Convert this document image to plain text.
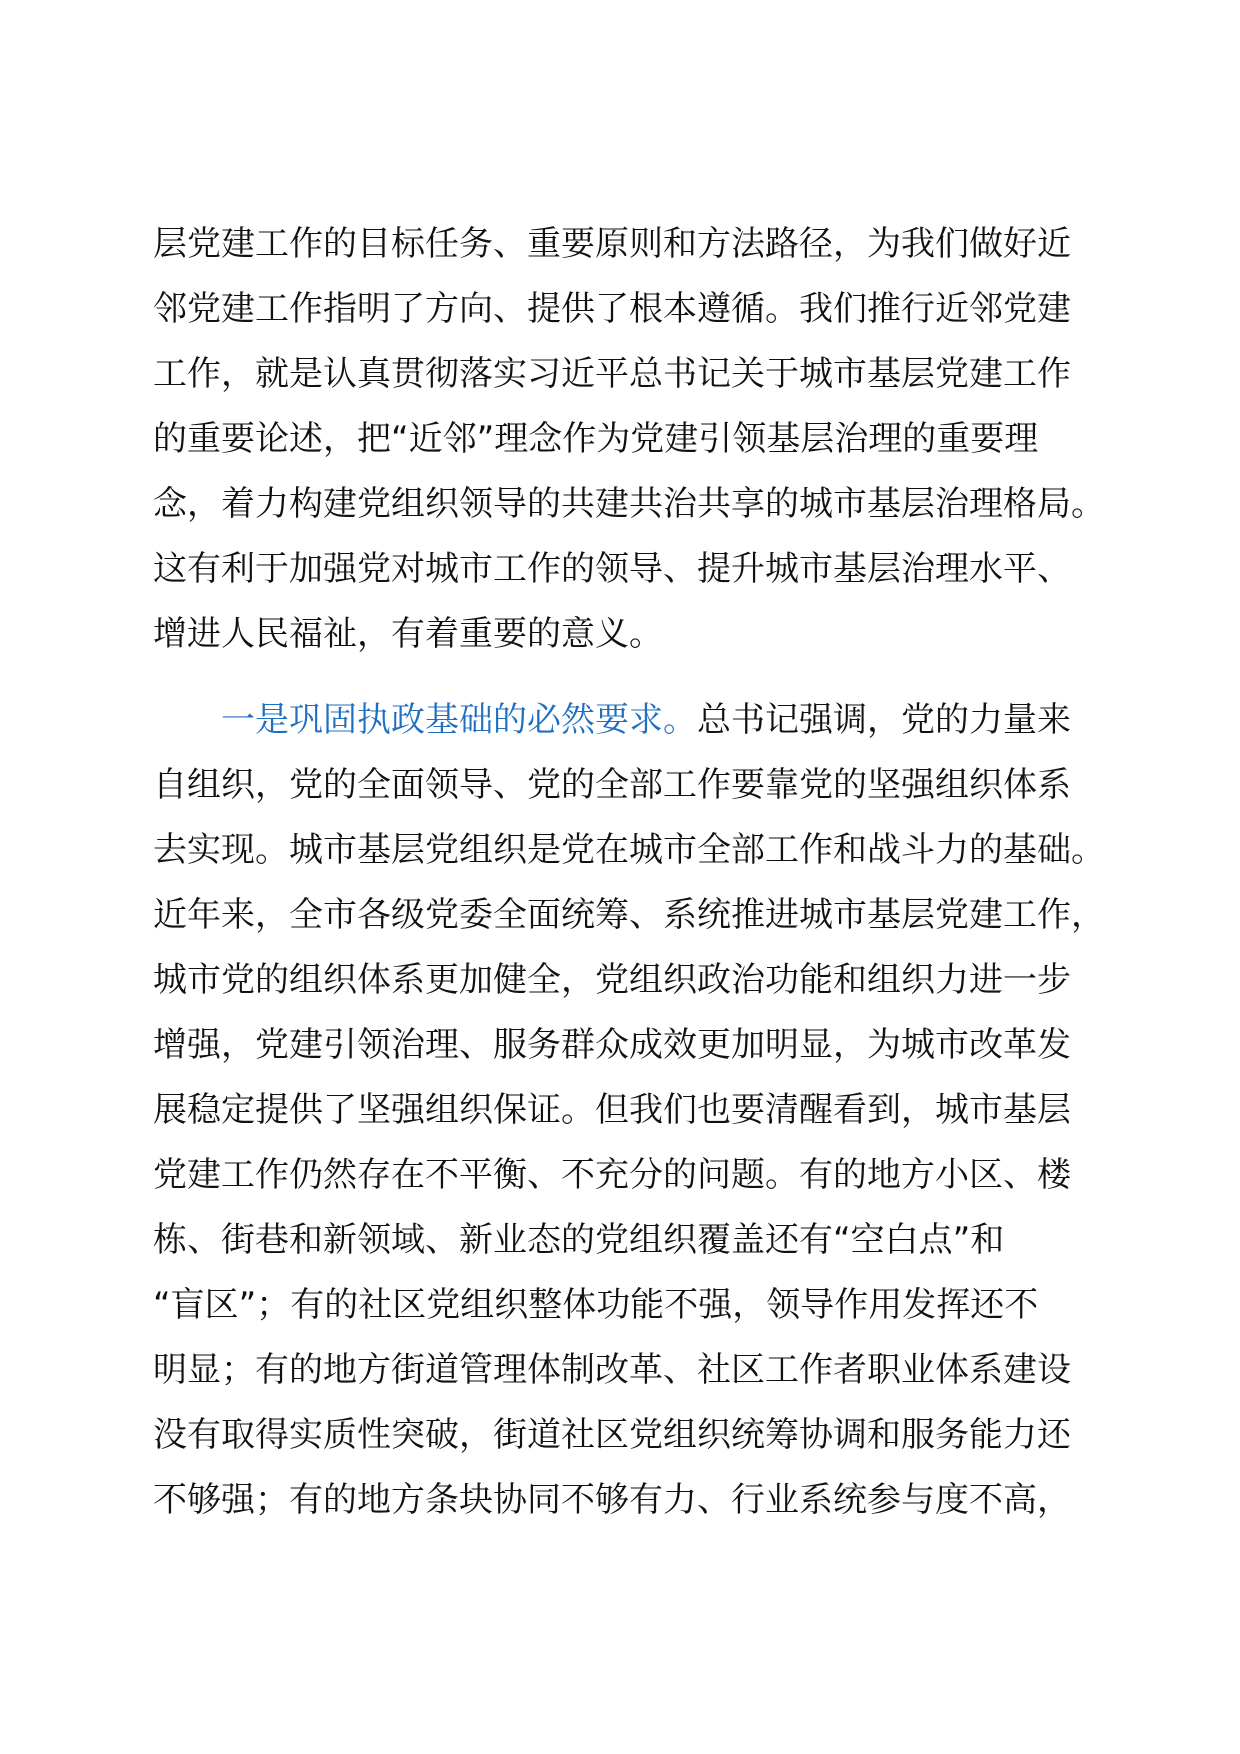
层党建工作的目标任务、重要原则和方法路径，为我们做好近
邻党建工作指明了方向、提供了根本遵循。我们推行近邻党建
工作，就是认真贯彻落实习近平总书记关于城市基层党建工作
的重要论述，把“近邻”理念作为党建引领基层治理的重要理
念，着力构建党组织领导的共建共治共享的城市基层治理格局。
这有利于加强党对城市工作的领导、提升城市基层治理水平、
增进人民福祉，有着重要的意义。
一是巩固执政基础的必然要求。总书记强调，党的力量来
自组织，党的全面领导、党的全部工作要靠党的坚强组织体系
去实现。城市基层党组织是党在城市全部工作和战斗力的基础。
近年来，全市各级党委全面统筹、系统推进城市基层党建工作，
城市党的组织体系更加健全，党组织政治功能和组织力进一步
增强，党建引领治理、服务群众成效更加明显，为城市改革发
展稳定提供了坚强组织保证。但我们也要清醒看到，城市基层
党建工作仍然存在不平衡、不充分的问题。有的地方小区、楼
栋、街巷和新领域、新业态的党组织覆盖还有“空白点”和
“盲区”；有的社区党组织整体功能不强，领导作用发挥还不
明显；有的地方街道管理体制改革、社区工作者职业体系建设
没有取得实质性突破，街道社区党组织统筹协调和服务能力还
不够强；有的地方条块协同不够有力、行业系统参与度不高，
